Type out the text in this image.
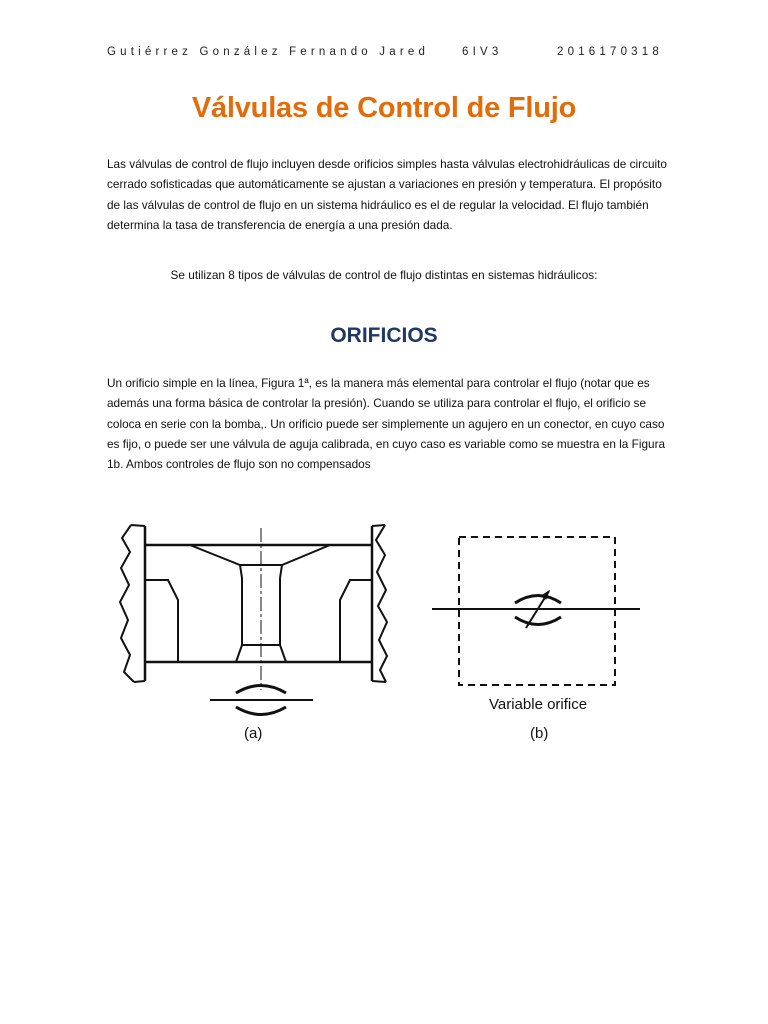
Gutiérrez González Fernando Jared	6IV3	2016170318
Válvulas de Control de Flujo
Las válvulas de control de flujo incluyen desde orificios simples hasta válvulas electrohidráulicas de circuito cerrado sofisticadas que automáticamente se ajustan a variaciones en presión y temperatura. El propósito de las válvulas de control de flujo en un sistema hidráulico es el de regular la velocidad. El flujo también determina la tasa de transferencia de energía a una presión dada.
Se utilizan 8 tipos de válvulas de control de flujo distintas en sistemas hidráulicos:
ORIFICIOS
Un orificio simple en la línea, Figura 1ª, es la manera más elemental para controlar el flujo (notar que es además una forma básica de controlar la presión). Cuando se utiliza para controlar el flujo, el orificio se coloca en serie con la bomba,. Un orificio puede ser simplemente un agujero en un conector, en cuyo caso es fijo, o puede ser une válvula de aguja calibrada, en cuyo caso es variable como se muestra en la Figura 1b. Ambos controles de flujo son no compensados
(a)
Variable orifice
(b)
